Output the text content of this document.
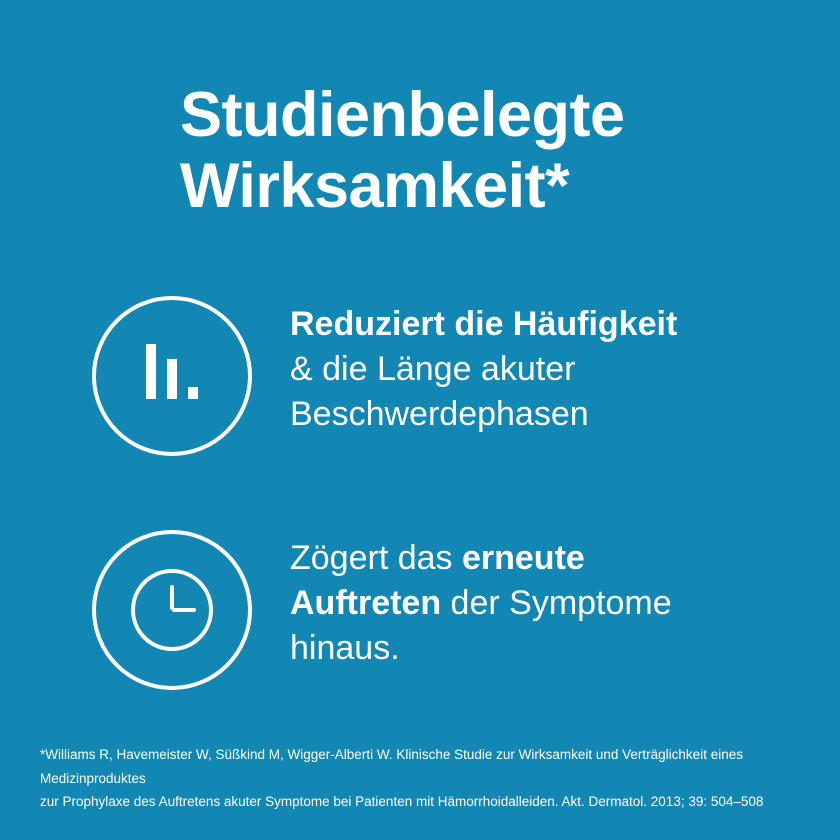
Studienbelegte
Wirksamkeit*
Reduziert die Häufigkeit
& die Länge akuter
Beschwerdephasen
Zögert das erneute
Auftreten der Symptome
hinaus.
*Williams R, Havemeister W, Süßkind M, Wigger-Alberti W. Klinische Studie zur Wirksamkeit und Verträglichkeit eines Medizinproduktes
zur Prophylaxe des Auftretens akuter Symptome bei Patienten mit Hämorrhoidalleiden. Akt. Dermatol. 2013; 39: 504–508
